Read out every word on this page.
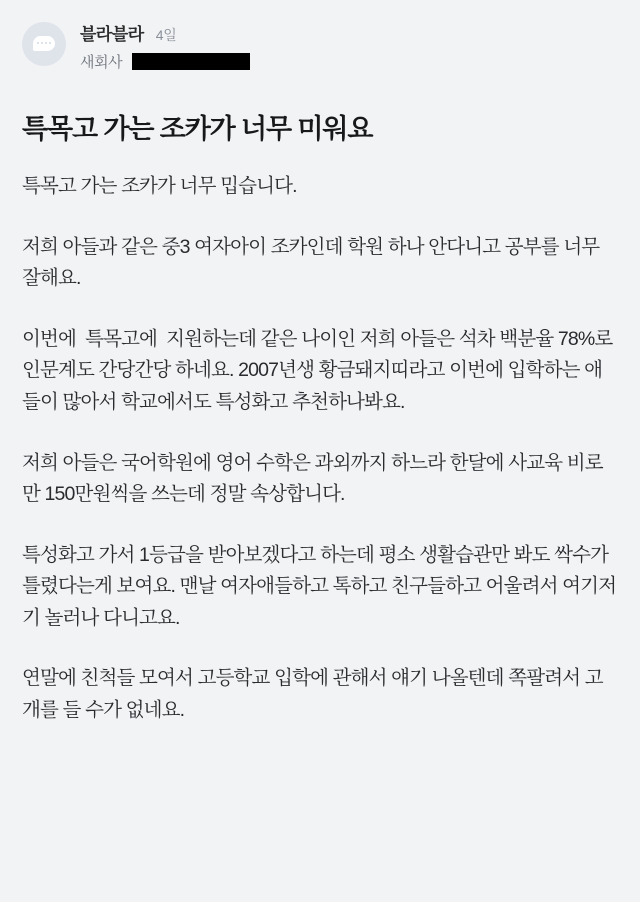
블라블라 4일
새회사
특목고 가는 조카가 너무 미워요

특목고 가는 조카가 너무 밉습니다.

저희 아들과 같은 중3 여자아이 조카인데 학원 하나 안다니고 공부를 너무 잘해요.

이번에  특목고에  지원하는데 같은 나이인 저희 아들은 석차 백분율 78%로 인문계도 간당간당 하네요. 2007년생 황금돼지띠라고 이번에 입학하는 애들이 많아서 학교에서도 특성화고 추천하나봐요.

저희 아들은 국어학원에 영어 수학은 과외까지 하느라 한달에 사교육 비로만 150만원씩을 쓰는데 정말 속상합니다.

특성화고 가서 1등급을 받아보겠다고 하는데 평소 생활습관만 봐도 싹수가 틀렸다는게 보여요. 맨날 여자애들하고 톡하고 친구들하고 어울려서 여기저기 놀러나 다니고요.

연말에 친척들 모여서 고등학교 입학에 관해서 얘기 나올텐데 쪽팔려서 고개를 들 수가 없네요.
